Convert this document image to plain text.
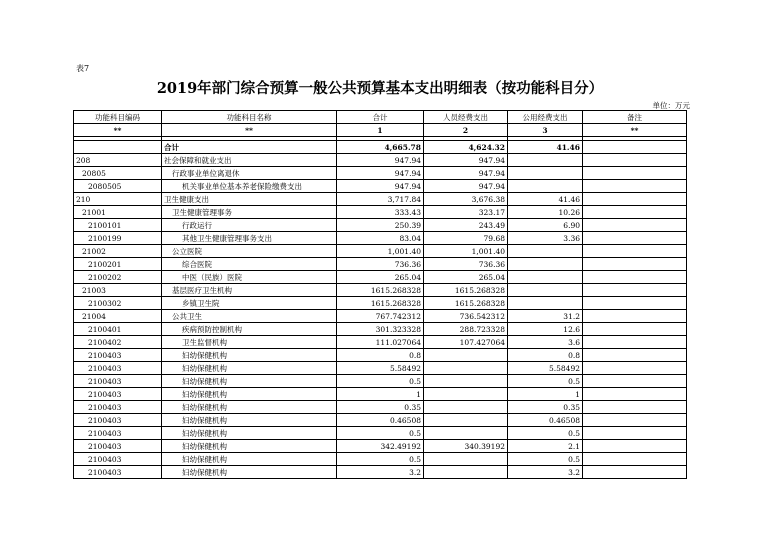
表7
2019年部门综合预算一般公共预算基本支出明细表（按功能科目分）
单位：万元
功能科目编码	功能科目名称	合计	人员经费支出	公用经费支出	备注
**	**	1	2	3	**

	合计	4,665.78	4,624.32	41.46	
208	社会保障和就业支出	947.94	947.94		
20805	行政事业单位离退休	947.94	947.94		
2080505	机关事业单位基本养老保险缴费支出	947.94	947.94		
210	卫生健康支出	3,717.84	3,676.38	41.46	
21001	卫生健康管理事务	333.43	323.17	10.26	
2100101	行政运行	250.39	243.49	6.90	
2100199	其他卫生健康管理事务支出	83.04	79.68	3.36	
21002	公立医院	1,001.40	1,001.40		
2100201	综合医院	736.36	736.36		
2100202	中医（民族）医院	265.04	265.04		
21003	基层医疗卫生机构	1615.268328	1615.268328		
2100302	乡镇卫生院	1615.268328	1615.268328		
21004	公共卫生	767.742312	736.542312	31.2	
2100401	疾病预防控制机构	301.323328	288.723328	12.6	
2100402	卫生监督机构	111.027064	107.427064	3.6	
2100403	妇幼保健机构	0.8		0.8	
2100403	妇幼保健机构	5.58492		5.58492	
2100403	妇幼保健机构	0.5		0.5	
2100403	妇幼保健机构	1		1	
2100403	妇幼保健机构	0.35		0.35	
2100403	妇幼保健机构	0.46508		0.46508	
2100403	妇幼保健机构	0.5		0.5	
2100403	妇幼保健机构	342.49192	340.39192	2.1	
2100403	妇幼保健机构	0.5		0.5	
2100403	妇幼保健机构	3.2		3.2	
